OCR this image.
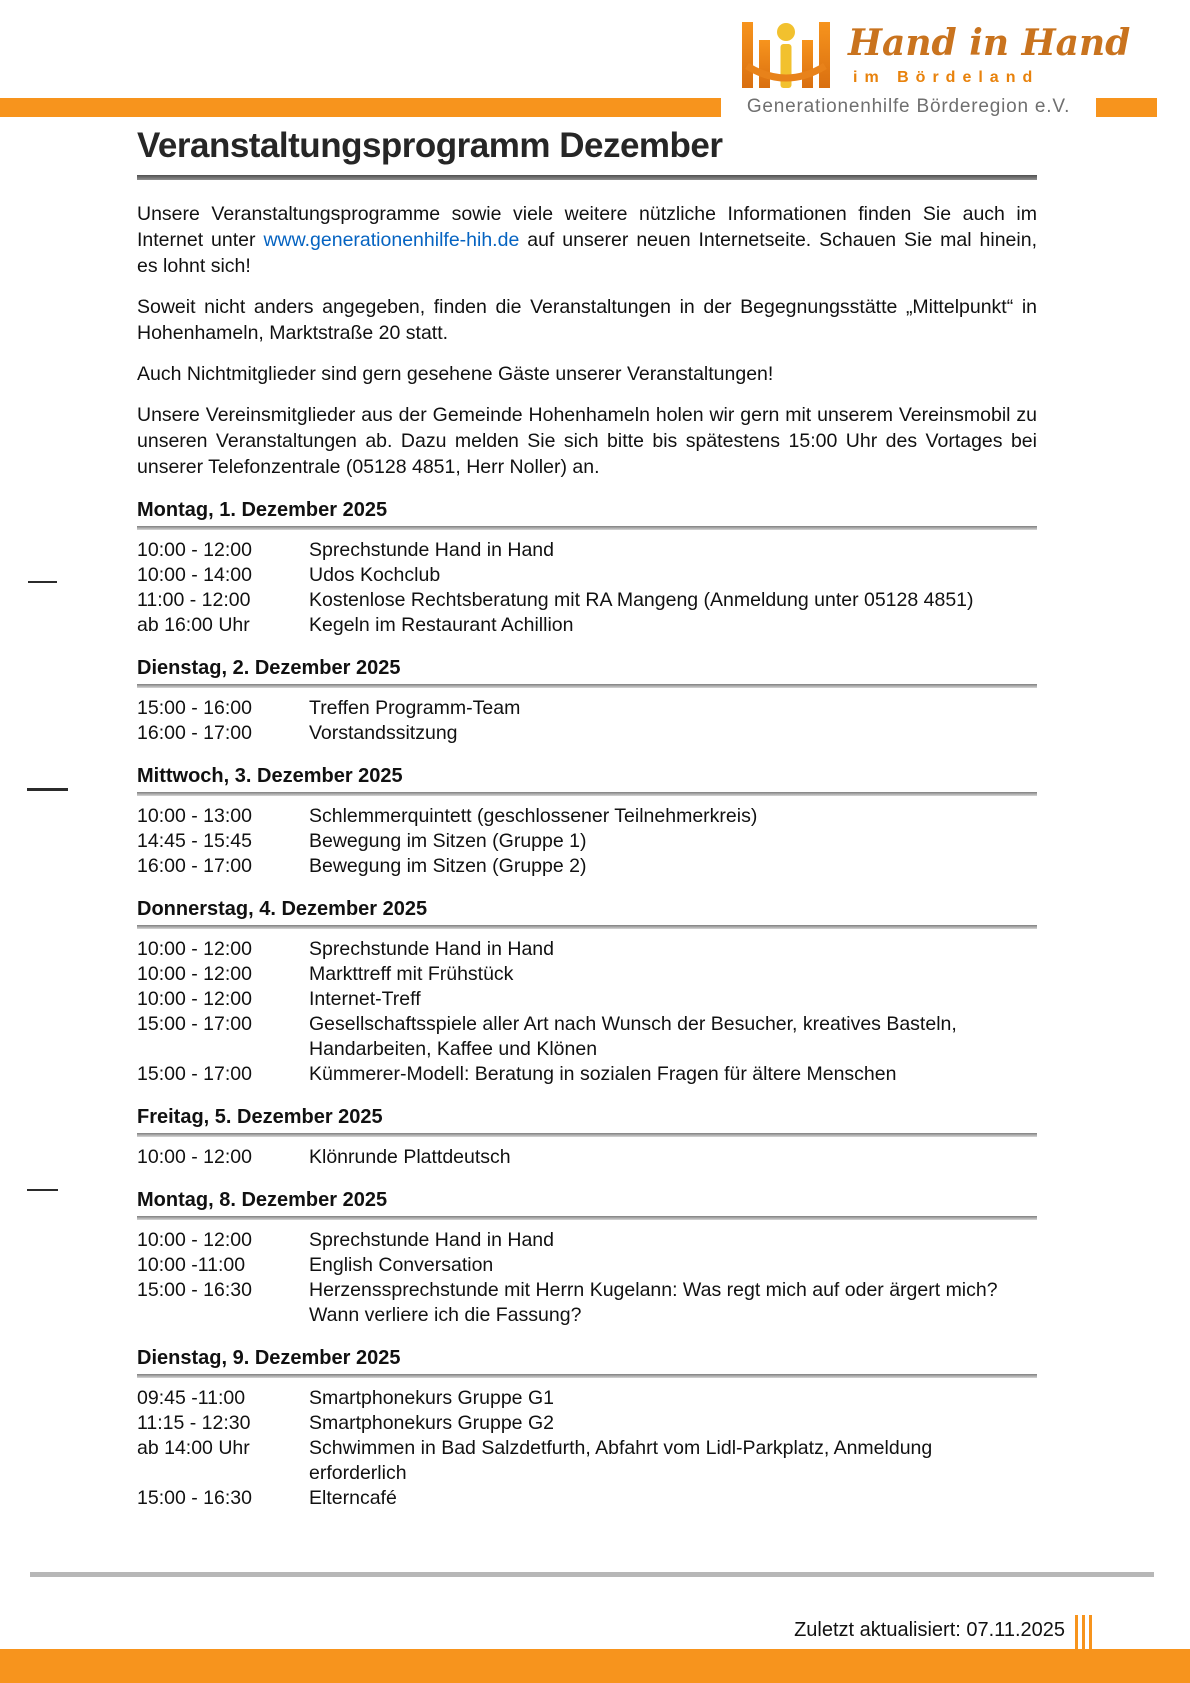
Generationenhilfe Börderegion e.V.
Hand in Hand
im Bördeland
Veranstaltungsprogramm Dezember

Unsere Veranstaltungsprogramme sowie viele weitere nützliche Informationen finden Sie auch im Internet unter www.generationenhilfe-hih.de auf unserer neuen Internetseite. Schauen Sie mal hinein, es lohnt sich!

Soweit nicht anders angegeben, finden die Veranstaltungen in der Begegnungsstätte „Mittelpunkt“ in Hohenhameln, Marktstraße 20 statt.

Auch Nichtmitglieder sind gern gesehene Gäste unserer Veranstaltungen!

Unsere Vereinsmitglieder aus der Gemeinde Hohenhameln holen wir gern mit unserem Vereinsmobil zu unseren Veranstaltungen ab. Dazu melden Sie sich bitte bis spätestens 15:00 Uhr des Vortages bei unserer Telefonzentrale (05128 4851, Herr Noller) an.

Montag, 1. Dezember 2025
10:00 - 12:00	Sprechstunde Hand in Hand
10:00 - 14:00	Udos Kochclub
11:00 - 12:00	Kostenlose Rechtsberatung mit RA Mangeng (Anmeldung unter 05128 4851)
ab 16:00 Uhr	Kegeln im Restaurant Achillion
Dienstag, 2. Dezember 2025
15:00 - 16:00	Treffen Programm-Team
16:00 - 17:00	Vorstandssitzung
Mittwoch, 3. Dezember 2025
10:00 - 13:00	Schlemmerquintett (geschlossener Teilnehmerkreis)
14:45 - 15:45	Bewegung im Sitzen (Gruppe 1)
16:00 - 17:00	Bewegung im Sitzen (Gruppe 2)
Donnerstag, 4. Dezember 2025
10:00 - 12:00	Sprechstunde Hand in Hand
10:00 - 12:00	Markttreff mit Frühstück
10:00 - 12:00	Internet-Treff
15:00 - 17:00	Gesellschaftsspiele aller Art nach Wunsch der Besucher, kreatives Basteln, Handarbeiten, Kaffee und Klönen
15:00 - 17:00	Kümmerer-Modell: Beratung in sozialen Fragen für ältere Menschen
Freitag, 5. Dezember 2025
10:00 - 12:00	Klönrunde Plattdeutsch
Montag, 8. Dezember 2025
10:00 - 12:00	Sprechstunde Hand in Hand
10:00 -11:00	English Conversation
15:00 - 16:30	Herzenssprechstunde mit Herrn Kugelann: Was regt mich auf oder ärgert mich? Wann verliere ich die Fassung?
Dienstag, 9. Dezember 2025
09:45 -11:00	Smartphonekurs Gruppe G1
11:15 - 12:30	Smartphonekurs Gruppe G2
ab 14:00 Uhr	Schwimmen in Bad Salzdetfurth, Abfahrt vom Lidl-Parkplatz, Anmeldung erforderlich
15:00 - 16:30	Elterncafé
Zuletzt aktualisiert: 07.11.2025
